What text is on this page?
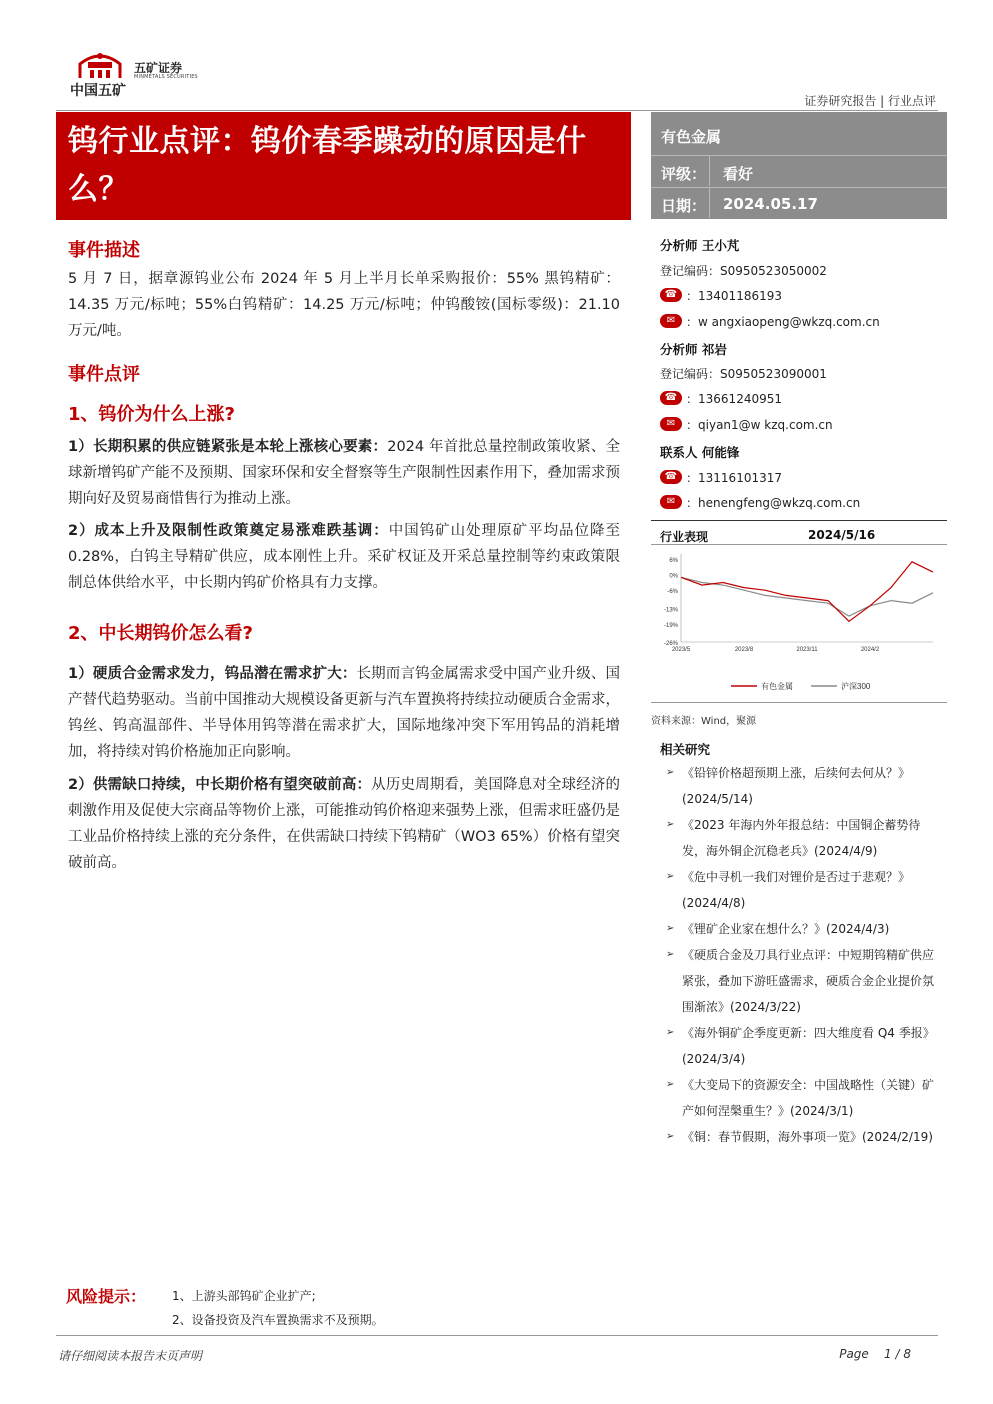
中国五矿
五矿证券
MINMETALS SECURITIES
证券研究报告 | 行业点评
钨行业点评：钨价春季躁动的原因是什么？
有色金属
评级： 看好
日期： 2024.05.17
事件描述
5 月 7 日，据章源钨业公布 2024 年 5 月上半月长单采购报价：55% 黑钨精矿：14.35 万元/标吨；55%白钨精矿：14.25 万元/标吨；仲钨酸铵(国标零级)：21.10 万元/吨。
事件点评
1、钨价为什么上涨?
1）长期积累的供应链紧张是本轮上涨核心要素：2024 年首批总量控制政策收紧、全球新增钨矿产能不及预期、国家环保和安全督察等生产限制性因素作用下，叠加需求预期向好及贸易商惜售行为推动上涨。
2）成本上升及限制性政策奠定易涨难跌基调：中国钨矿山处理原矿平均品位降至 0.28%，白钨主导精矿供应，成本刚性上升。采矿权证及开采总量控制等约束政策限制总体供给水平，中长期内钨矿价格具有力支撑。
2、中长期钨价怎么看?
1）硬质合金需求发力，钨品潜在需求扩大：长期而言钨金属需求受中国产业升级、国产替代趋势驱动。当前中国推动大规模设备更新与汽车置换将持续拉动硬质合金需求，钨丝、钨高温部件、半导体用钨等潜在需求扩大，国际地缘冲突下军用钨品的消耗增加，将持续对钨价格施加正向影响。
2）供需缺口持续，中长期价格有望突破前高：从历史周期看，美国降息对全球经济的刺激作用及促使大宗商品等物价上涨，可能推动钨价格迎来强势上涨，但需求旺盛仍是工业品价格持续上涨的充分条件，在供需缺口持续下钨精矿（WO3 65%）价格有望突破前高。
分析师 王小芃
登记编码：S0950523050002
☎ ：13401186193
✉ ：w angxiaopeng@wkzq.com.cn
分析师 祁岩
登记编码：S0950523090001
☎ ：13661240951
✉ ：qiyan1@w kzq.com.cn
联系人 何能锋
☎ ：13116101317
✉ ：henengfeng@wkzq.com.cn
行业表现	2024/5/16
6%
0%
-6%
-13%
-19%
-26%
2023/5	2023/8	2023/11	2024/2
有色金属	沪深300
资料来源：Wind，聚源
相关研究
➢ 《铅锌价格超预期上涨，后续何去何从？》(2024/5/14)
➢ 《2023 年海内外年报总结：中国铜企蓄势待发，海外铜企沉稳老兵》(2024/4/9)
➢ 《危中寻机一我们对锂价是否过于悲观？》(2024/4/8)
➢ 《锂矿企业家在想什么？》(2024/4/3)
➢ 《硬质合金及刀具行业点评：中短期钨精矿供应紧张，叠加下游旺盛需求，硬质合金企业提价氛围渐浓》(2024/3/22)
➢ 《海外铜矿企季度更新：四大维度看 Q4 季报》(2024/3/4)
➢ 《大变局下的资源安全：中国战略性（关键）矿产如何涅槃重生？》(2024/3/1)
➢ 《铜：春节假期，海外事项一览》(2024/2/19)
风险提示： 1、上游头部钨矿企业扩产;
2、设备投资及汽车置换需求不及预期。
请仔细阅读本报告末页声明	Page    1 / 8
